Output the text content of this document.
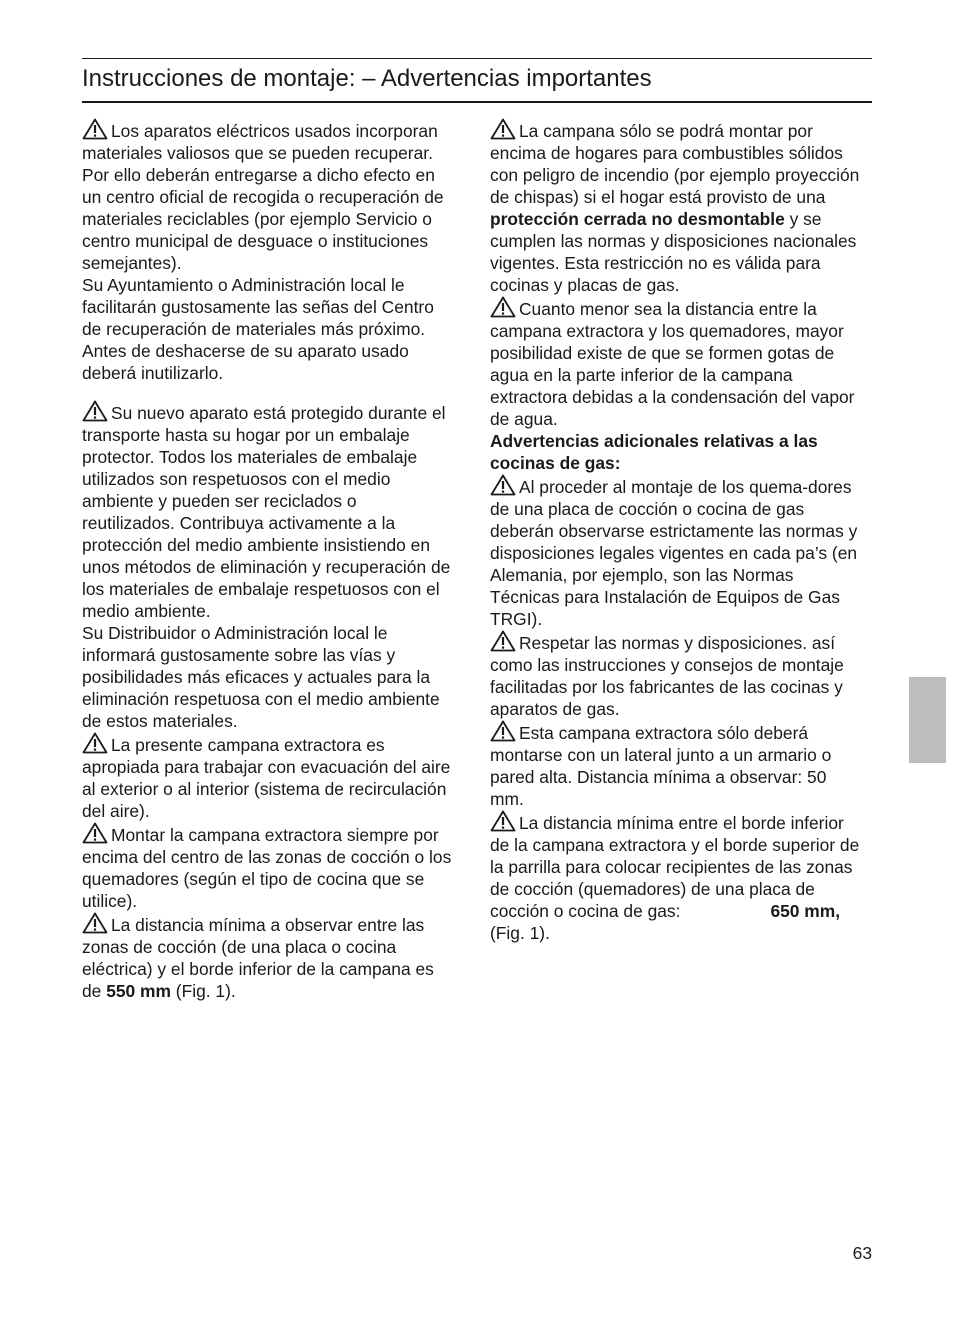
Instrucciones de montaje: – Advertencias importantes

Los aparatos eléctricos usados incorporan materiales valiosos que se pueden recuperar. Por ello deberán entregarse a dicho efecto en un centro oficial de recogida o recuperación de materiales reciclables (por ejemplo Servicio o centro municipal de desguace o instituciones semejantes).

Su Ayuntamiento o Administración local le facilitarán gustosamente las señas del Centro de recuperación de materiales más próximo.

Antes de deshacerse de su aparato usado deberá inutilizarlo.

Su nuevo aparato está protegido durante el transporte hasta su hogar por un embalaje protector. Todos los materiales de embalaje utilizados son respetuosos con el medio ambiente y pueden ser reciclados o reutilizados. Contribuya activamente a la protección del medio ambiente insistiendo en unos métodos de eliminación y recuperación de los materiales de embalaje respetuosos con el medio ambiente.

Su Distribuidor o Administración local le informará gustosamente sobre las vías y posibilidades más eficaces y actuales para la eliminación respetuosa con el medio ambiente de estos materiales.

La presente campana extractora es apropiada para trabajar con evacuación del aire al exterior o al interior (sistema de recirculación del aire).

Montar la campana extractora siempre por encima del centro de las zonas de cocción o los quemadores (según el tipo de cocina que se utilice).

La distancia mínima a observar entre las zonas de cocción (de una placa o cocina eléctrica) y el borde inferior de la campana es de 550 mm (Fig. 1).

La campana sólo se podrá montar por encima de hogares para combustibles sólidos con peligro de incendio (por ejemplo proyección de chispas) si el hogar está provisto de una protección cerrada no desmontable y se cumplen las normas y disposiciones nacionales vigentes. Esta restricción no es válida para cocinas y placas de gas.

Cuanto menor sea la distancia entre la campana extractora y los quemadores, mayor posibilidad existe de que se formen gotas de agua en la parte inferior de la campana extractora debidas a la condensación del vapor de agua.

Advertencias adicionales relativas a las cocinas de gas:

Al proceder al montaje de los quema-dores de una placa de cocción o cocina de gas deberán observarse estrictamente las normas y disposiciones legales vigentes en cada pa’s (en Alemania, por ejemplo, son las Normas Técnicas para Instalación de Equipos de Gas TRGI).

Respetar las normas y disposiciones. así como las instrucciones y consejos de montaje facilitadas por los fabricantes de las cocinas y aparatos de gas.

Esta campana extractora sólo deberá montarse con un lateral junto a un armario o pared alta. Distancia mínima a observar: 50 mm.

La distancia mínima entre el borde inferior de la campana extractora y el borde superior de la parrilla para colocar recipientes de las zonas de cocción (quemadores) de una placa de cocción o cocina de gas:	650 mm, (Fig. 1).

63
